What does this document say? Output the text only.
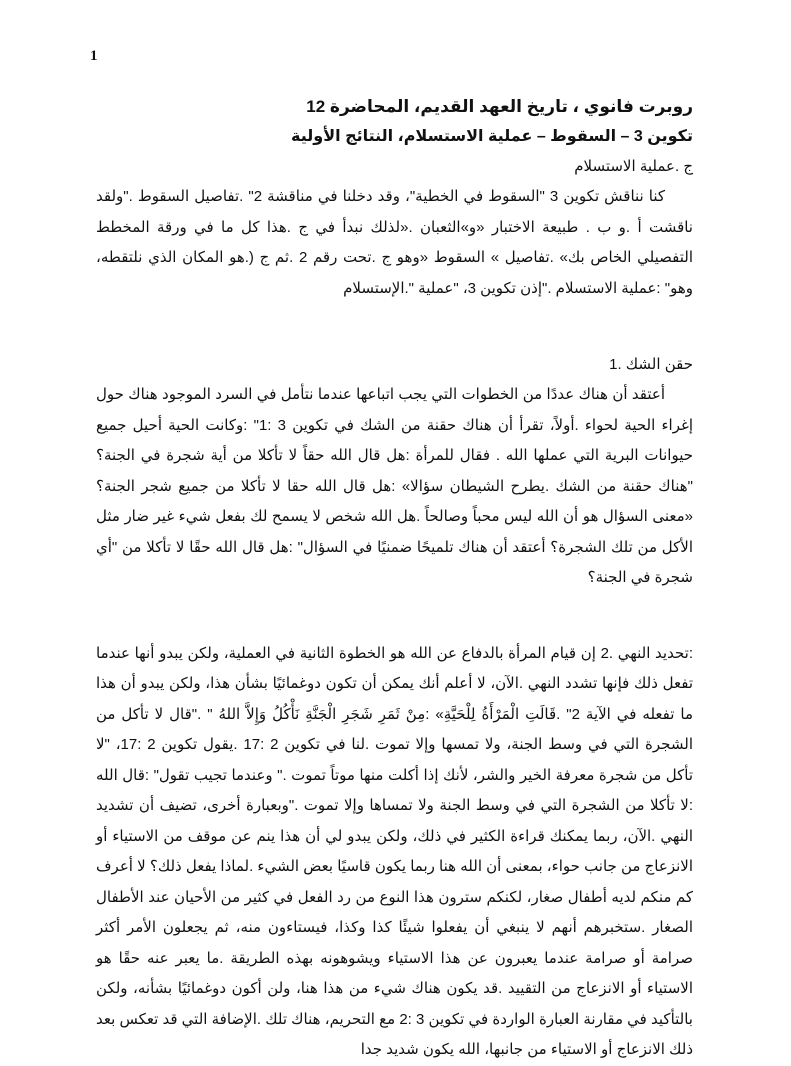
1

روبرت فانوي ، تاريخ العهد القديم، المحاضرة 12

تكوين 3 – السقوط – عملية الاستسلام، النتائج الأولية

ج .عملية الاستسلام

كنا نناقش تكوين 3 "السقوط في الخطية"، وقد دخلنا في مناقشة 2" .تفاصيل السقوط ."ولقد ناقشت أ .و ب . طبيعة الاختبار «و»الثعبان .«لذلك نبدأ في ج .هذا كل ما في ورقة المخطط التفصيلي الخاص بك» .تفاصيل » السقوط «وهو ج .تحت رقم 2 .ثم ج (.هو المكان الذي نلتقطه، وهو" :عملية الاستسلام ."إذن تكوين 3، "عملية ".الإستسلام

حقن الشك .1

أعتقد أن هناك عددًا من الخطوات التي يجب اتباعها عندما نتأمل في السرد الموجود هناك حول إغراء الحية لحواء .أولاً، تقرأ أن هناك حقنة من الشك في تكوين 3 :1" :وكانت الحية أحيل جميع حيوانات البرية التي عملها الله . فقال للمرأة :هل قال الله حقاً لا تأكلا من أية شجرة في الجنة؟ "هناك حقنة من الشك .يطرح الشيطان سؤالا» :هل قال الله حقا لا تأكلا من جميع شجر الجنة؟ «معنى السؤال هو أن الله ليس محباً وصالحاً .هل الله شخص لا يسمح لك بفعل شيء غير ضار مثل الأكل من تلك الشجرة؟ أعتقد أن هناك تلميحًا ضمنيًا في السؤال" :هل قال الله حقًا لا تأكلا من "أي شجرة في الجنة؟

:تحديد النهي .2 إن قيام المرأة بالدفاع عن الله هو الخطوة الثانية في العملية، ولكن يبدو أنها عندما تفعل ذلك فإنها تشدد النهي .الآن، لا أعلم أنك يمكن أن تكون دوغمائيًا بشأن هذا، ولكن يبدو أن هذا ما تفعله في الآية 2" .قَالَتِ الْمَرْأَةُ لِلْحَيَّةِ» :مِنْ ثَمَرِ شَجَرِ الْجَنَّةِ نَأْكُلُ وَإِلاَّ اللهُ " ."قال لا تأكل من الشجرة التي في وسط الجنة، ولا تمسها وإلا تموت .لنا في تكوين 2 :17 .يقول تكوين 2 :17، "لا تأكل من شجرة معرفة الخير والشر، لأنك إذا أكلت منها موتاً تموت ." وعندما تجيب تقول" :قال الله :لا تأكلا من الشجرة التي في وسط الجنة ولا تمساها وإلا تموت ."وبعبارة أخرى، تضيف أن تشديد النهي .الآن، ربما يمكنك قراءة الكثير في ذلك، ولكن يبدو لي أن هذا ينم عن موقف من الاستياء أو الانزعاج من جانب حواء، بمعنى أن الله هنا ربما يكون قاسيًا بعض الشيء .لماذا يفعل ذلك؟ لا أعرف كم منكم لديه أطفال صغار، لكنكم سترون هذا النوع من رد الفعل في كثير من الأحيان عند الأطفال الصغار .ستخبرهم أنهم لا ينبغي أن يفعلوا شيئًا كذا وكذا، فيستاءون منه، ثم يجعلون الأمر أكثر صرامة أو صرامة عندما يعبرون عن هذا الاستياء ويشوهونه بهذه الطريقة .ما يعبر عنه حقًا هو الاستياء أو الانزعاج من التقييد .قد يكون هناك شيء من هذا هنا، ولن أكون دوغمائيًا بشأنه، ولكن بالتأكيد في مقارنة العبارة الواردة في تكوين 3 :2 مع التحريم، هناك تلك .الإضافة التي قد تعكس بعد ذلك الانزعاج أو الاستياء من جانبها، الله يكون شديد جدا
